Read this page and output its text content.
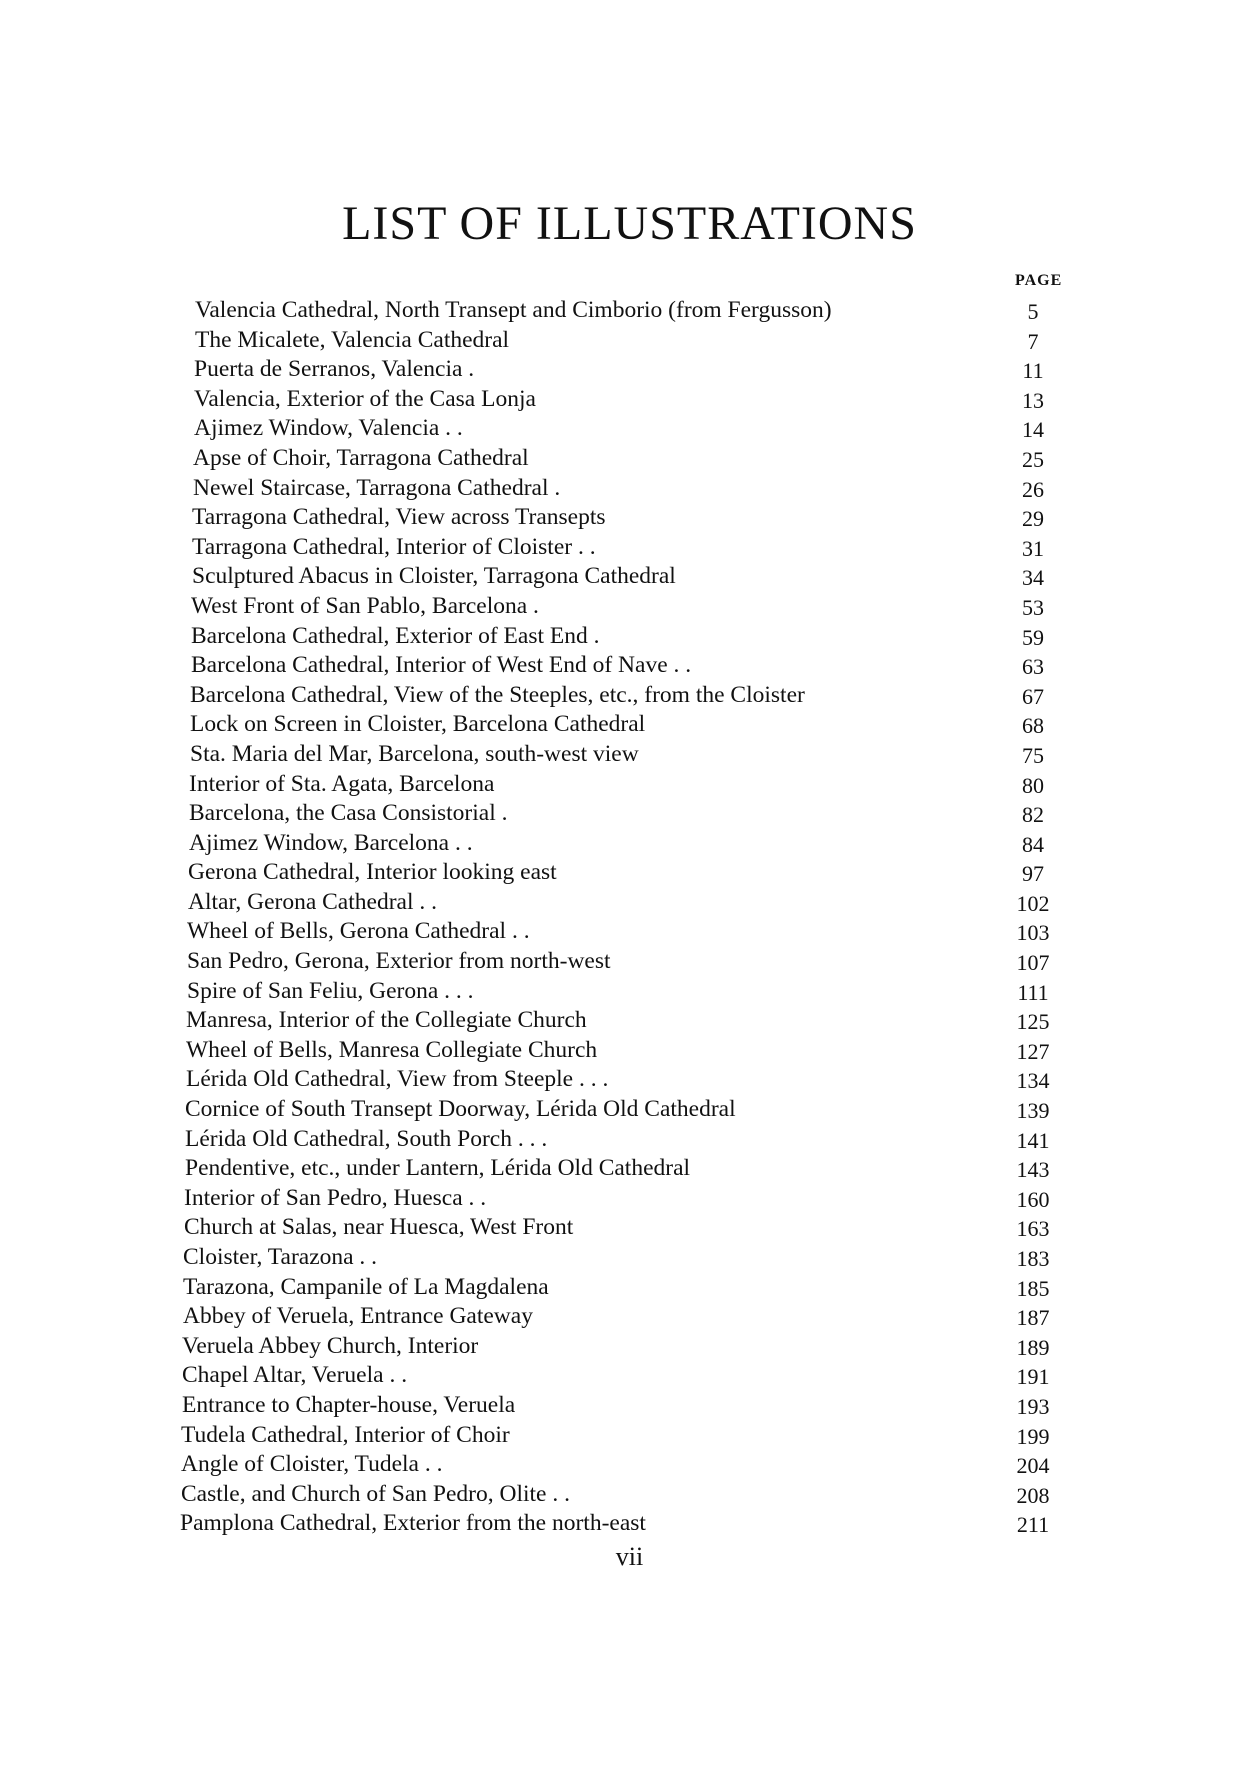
LIST OF ILLUSTRATIONS
PAGE
Valencia Cathedral, North Transept and Cimborio (from Fergusson)	5
The Micalete, Valencia Cathedral	7
Puerta de Serranos, Valencia .	11
Valencia, Exterior of the Casa Lonja	13
Ajimez Window, Valencia . .	14
Apse of Choir, Tarragona Cathedral	25
Newel Staircase, Tarragona Cathedral .	26
Tarragona Cathedral, View across Transepts	29
Tarragona Cathedral, Interior of Cloister . .	31
Sculptured Abacus in Cloister, Tarragona Cathedral	34
West Front of San Pablo, Barcelona .	53
Barcelona Cathedral, Exterior of East End .	59
Barcelona Cathedral, Interior of West End of Nave . .	63
Barcelona Cathedral, View of the Steeples, etc., from the Cloister	67
Lock on Screen in Cloister, Barcelona Cathedral	68
Sta. Maria del Mar, Barcelona, south-west view	75
Interior of Sta. Agata, Barcelona	80
Barcelona, the Casa Consistorial .	82
Ajimez Window, Barcelona . .	84
Gerona Cathedral, Interior looking east	97
Altar, Gerona Cathedral . .	102
Wheel of Bells, Gerona Cathedral . .	103
San Pedro, Gerona, Exterior from north-west	107
Spire of San Feliu, Gerona . . .	111
Manresa, Interior of the Collegiate Church	125
Wheel of Bells, Manresa Collegiate Church	127
Lérida Old Cathedral, View from Steeple . . .	134
Cornice of South Transept Doorway, Lérida Old Cathedral	139
Lérida Old Cathedral, South Porch . . .	141
Pendentive, etc., under Lantern, Lérida Old Cathedral	143
Interior of San Pedro, Huesca . .	160
Church at Salas, near Huesca, West Front	163
Cloister, Tarazona . .	183
Tarazona, Campanile of La Magdalena	185
Abbey of Veruela, Entrance Gateway	187
Veruela Abbey Church, Interior	189
Chapel Altar, Veruela . .	191
Entrance to Chapter-house, Veruela	193
Tudela Cathedral, Interior of Choir	199
Angle of Cloister, Tudela . .	204
Castle, and Church of San Pedro, Olite . .	208
Pamplona Cathedral, Exterior from the north-east	211
vii
